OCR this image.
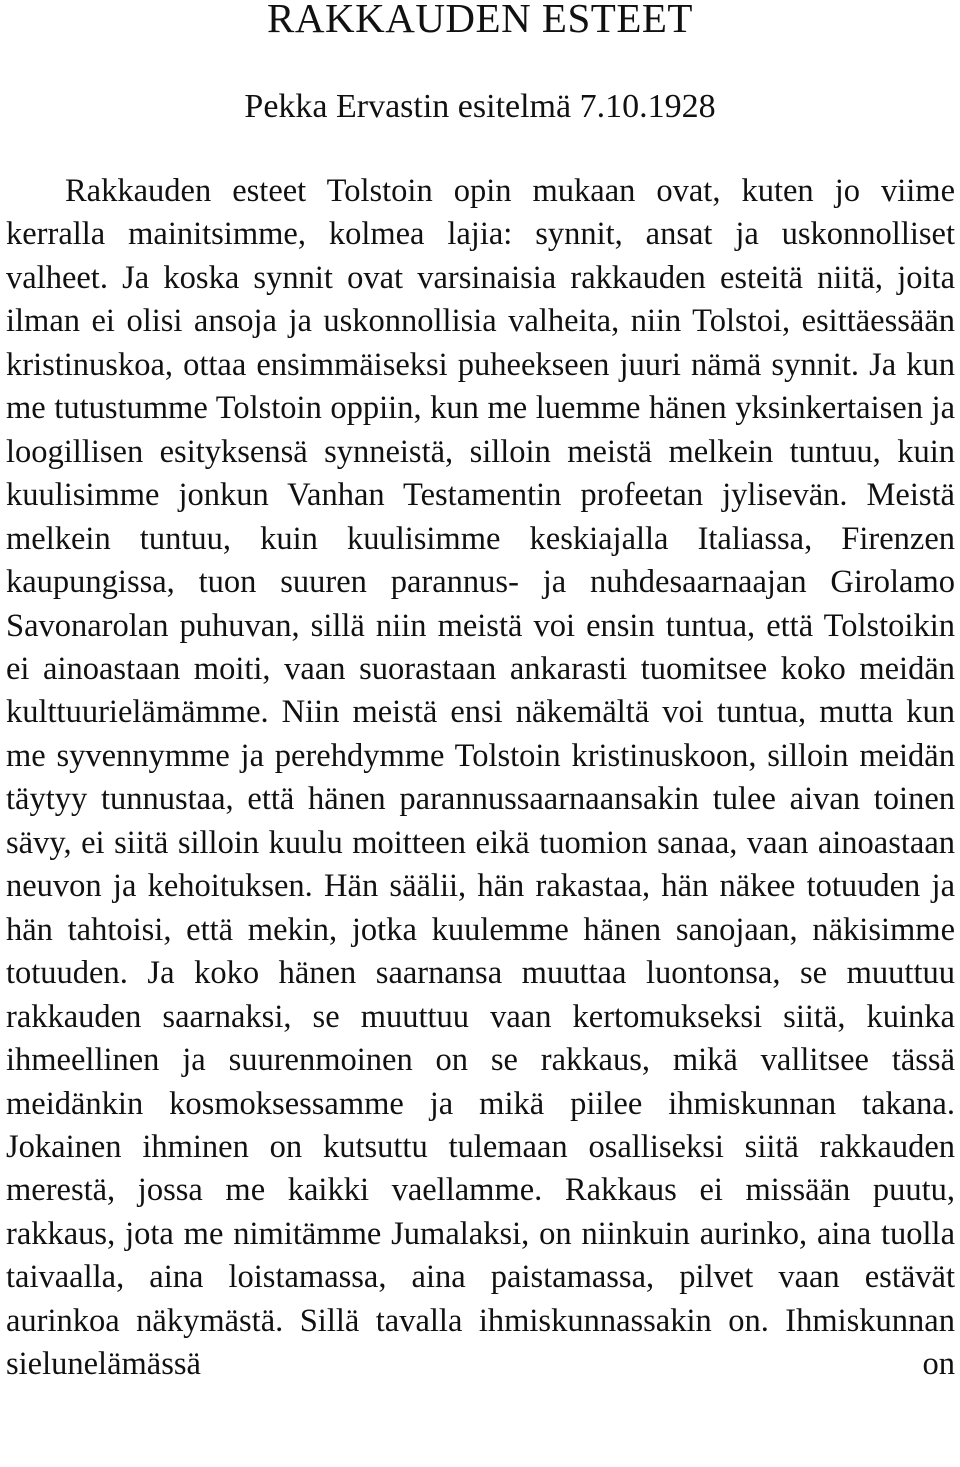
RAKKAUDEN ESTEET
Pekka Ervastin esitelmä 7.10.1928

Rakkauden esteet Tolstoin opin mukaan ovat, kuten jo viime kerralla mainitsimme, kolmea lajia: synnit, ansat ja uskonnolliset valheet. Ja koska synnit ovat varsinaisia rakkauden esteitä niitä, joita ilman ei olisi ansoja ja uskonnollisia valheita, niin Tolstoi, esittäessään kristinuskoa, ottaa ensimmäiseksi puheekseen juuri nämä synnit. Ja kun me tutustumme Tolstoin oppiin, kun me luemme hänen yksinkertaisen ja loogillisen esityksensä synneistä, silloin meistä melkein tuntuu, kuin kuulisimme jonkun Vanhan Testamentin profeetan jylisevän. Meistä melkein tuntuu, kuin kuulisimme keskiajalla Italiassa, Firenzen kaupungissa, tuon suuren parannus- ja nuhdesaarnaajan Girolamo Savonarolan puhuvan, sillä niin meistä voi ensin tuntua, että Tolstoikin ei ainoastaan moiti, vaan suorastaan ankarasti tuomitsee koko meidän kulttuurielämämme. Niin meistä ensi näkemältä voi tuntua, mutta kun me syvennymme ja perehdymme Tolstoin kristinuskoon, silloin meidän täytyy tunnustaa, että hänen parannussaarnaansakin tulee aivan toinen sävy, ei siitä silloin kuulu moitteen eikä tuomion sanaa, vaan ainoastaan neuvon ja kehoituksen. Hän säälii, hän rakastaa, hän näkee totuuden ja hän tahtoisi, että mekin, jotka kuulemme hänen sanojaan, näkisimme totuuden. Ja koko hänen saarnansa muuttaa luontonsa, se muuttuu rakkauden saarnaksi, se muuttuu vaan kertomukseksi siitä, kuinka ihmeellinen ja suurenmoinen on se rakkaus, mikä vallitsee tässä meidänkin kosmoksessamme ja mikä piilee ihmiskunnan takana. Jokainen ihminen on kutsuttu tulemaan osalliseksi siitä rakkauden merestä, jossa me kaikki vaellamme. Rakkaus ei missään puutu, rakkaus, jota me nimitämme Jumalaksi, on niinkuin aurinko, aina tuolla taivaalla, aina loistamassa, aina paistamassa, pilvet vaan estävät aurinkoa näkymästä. Sillä tavalla ihmiskunnassakin on. Ihmiskunnan sielunelämässä on
